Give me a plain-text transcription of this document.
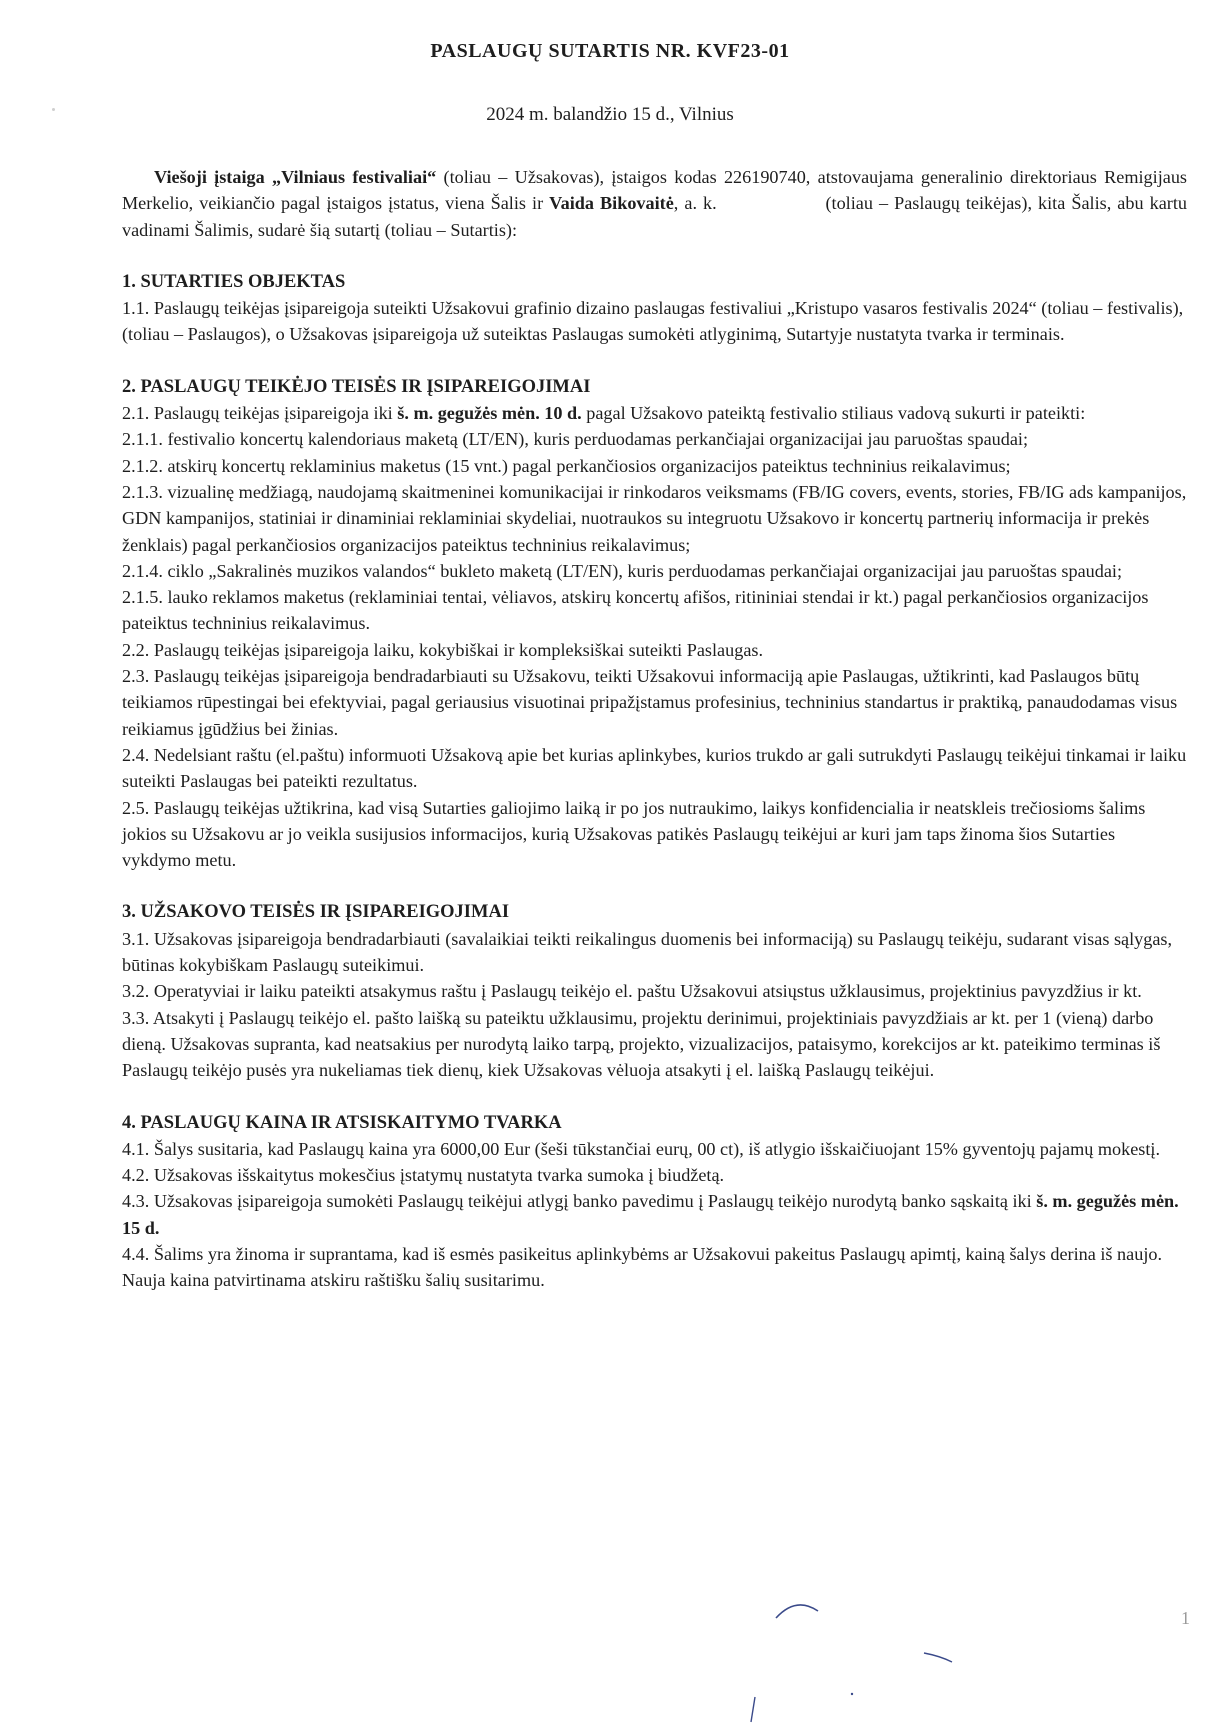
PASLAUGŲ SUTARTIS NR. KVF23-01
2024 m. balandžio 15 d., Vilnius

Viešoji įstaiga „Vilniaus festivaliai“ (toliau – Užsakovas), įstaigos kodas 226190740, atstovaujama generalinio direktoriaus Remigijaus Merkelio, veikiančio pagal įstaigos įstatus, viena Šalis ir Vaida Bikovaitė, a. k.                  (toliau – Paslaugų teikėjas), kita Šalis, abu kartu vadinami Šalimis, sudarė šią sutartį (toliau – Sutartis):

1. SUTARTIES OBJEKTAS

1.1. Paslaugų teikėjas įsipareigoja suteikti Užsakovui grafinio dizaino paslaugas festivaliui „Kristupo vasaros festivalis 2024“ (toliau – festivalis), (toliau – Paslaugos), o Užsakovas įsipareigoja už suteiktas Paslaugas sumokėti atlyginimą, Sutartyje nustatyta tvarka ir terminais.

2. PASLAUGŲ TEIKĖJO TEISĖS IR ĮSIPAREIGOJIMAI

2.1. Paslaugų teikėjas įsipareigoja iki š. m. gegužės mėn. 10 d. pagal Užsakovo pateiktą festivalio stiliaus vadovą sukurti ir pateikti:

2.1.1. festivalio koncertų kalendoriaus maketą (LT/EN), kuris perduodamas perkančiajai organizacijai jau paruoštas spaudai;

2.1.2. atskirų koncertų reklaminius maketus (15 vnt.) pagal perkančiosios organizacijos pateiktus techninius reikalavimus;

2.1.3. vizualinę medžiagą, naudojamą skaitmeninei komunikacijai ir rinkodaros veiksmams (FB/IG covers, events, stories, FB/IG ads kampanijos, GDN kampanijos, statiniai ir dinaminiai reklaminiai skydeliai, nuotraukos su integruotu Užsakovo ir koncertų partnerių informacija ir prekės ženklais) pagal perkančiosios organizacijos pateiktus techninius reikalavimus;

2.1.4. ciklo „Sakralinės muzikos valandos“ bukleto maketą (LT/EN), kuris perduodamas perkančiajai organizacijai jau paruoštas spaudai;

2.1.5. lauko reklamos maketus (reklaminiai tentai, vėliavos, atskirų koncertų afišos, ritininiai stendai ir kt.) pagal perkančiosios organizacijos pateiktus techninius reikalavimus.

2.2. Paslaugų teikėjas įsipareigoja laiku, kokybiškai ir kompleksiškai suteikti Paslaugas.

2.3. Paslaugų teikėjas įsipareigoja bendradarbiauti su Užsakovu, teikti Užsakovui informaciją apie Paslaugas, užtikrinti, kad Paslaugos būtų teikiamos rūpestingai bei efektyviai, pagal geriausius visuotinai pripažįstamus profesinius, techninius standartus ir praktiką, panaudodamas visus reikiamus įgūdžius bei žinias.

2.4. Nedelsiant raštu (el.paštu) informuoti Užsakovą apie bet kurias aplinkybes, kurios trukdo ar gali sutrukdyti Paslaugų teikėjui tinkamai ir laiku suteikti Paslaugas bei pateikti rezultatus.

2.5. Paslaugų teikėjas užtikrina, kad visą Sutarties galiojimo laiką ir po jos nutraukimo, laikys konfidencialia ir neatskleis trečiosioms šalims jokios su Užsakovu ar jo veikla susijusios informacijos, kurią Užsakovas patikės Paslaugų teikėjui ar kuri jam taps žinoma šios Sutarties vykdymo metu.

3. UŽSAKOVO TEISĖS IR ĮSIPAREIGOJIMAI

3.1. Užsakovas įsipareigoja bendradarbiauti (savalaikiai teikti reikalingus duomenis bei informaciją) su Paslaugų teikėju, sudarant visas sąlygas, būtinas kokybiškam Paslaugų suteikimui.

3.2. Operatyviai ir laiku pateikti atsakymus raštu į Paslaugų teikėjo el. paštu Užsakovui atsiųstus užklausimus, projektinius pavyzdžius ir kt.

3.3. Atsakyti į Paslaugų teikėjo el. pašto laišką su pateiktu užklausimu, projektu derinimui, projektiniais pavyzdžiais ar kt. per 1 (vieną) darbo dieną. Užsakovas supranta, kad neatsakius per nurodytą laiko tarpą, projekto, vizualizacijos, pataisymo, korekcijos ar kt. pateikimo terminas iš Paslaugų teikėjo pusės yra nukeliamas tiek dienų, kiek Užsakovas vėluoja atsakyti į el. laišką Paslaugų teikėjui.

4. PASLAUGŲ KAINA IR ATSISKAITYMO TVARKA

4.1. Šalys susitaria, kad Paslaugų kaina yra 6000,00 Eur (šeši tūkstančiai eurų, 00 ct), iš atlygio išskaičiuojant 15% gyventojų pajamų mokestį.

4.2. Užsakovas išskaitytus mokesčius įstatymų nustatyta tvarka sumoka į biudžetą.

4.3. Užsakovas įsipareigoja sumokėti Paslaugų teikėjui atlygį banko pavedimu į Paslaugų teikėjo nurodytą banko sąskaitą iki š. m. gegužės mėn. 15 d.

4.4. Šalims yra žinoma ir suprantama, kad iš esmės pasikeitus aplinkybėms ar Užsakovui pakeitus Paslaugų apimtį, kainą šalys derina iš naujo. Nauja kaina patvirtinama atskiru raštišku šalių susitarimu.

1
